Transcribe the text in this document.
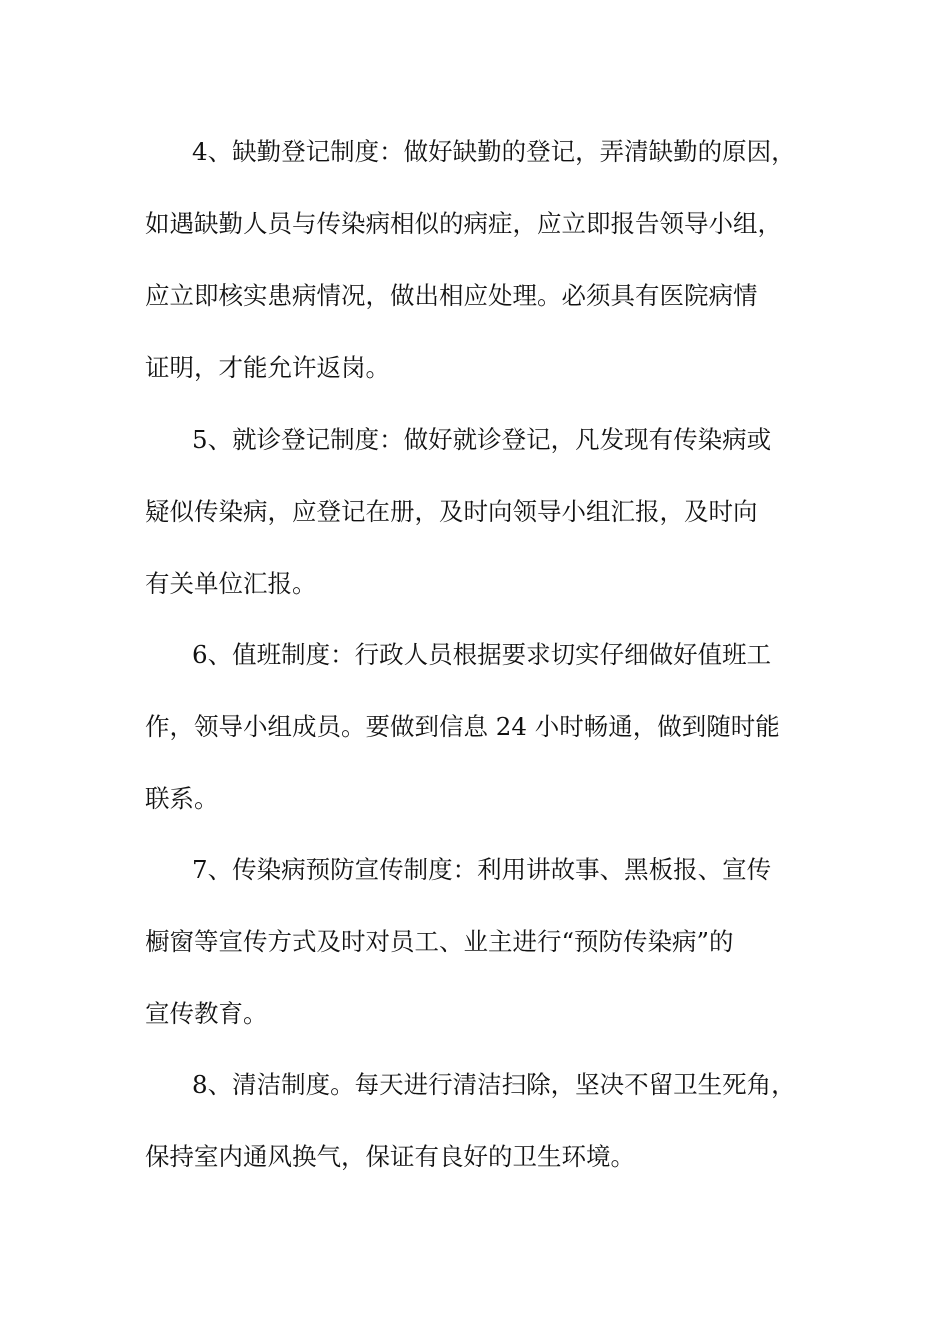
4、缺勤登记制度：做好缺勤的登记，弄清缺勤的原因，

如遇缺勤人员与传染病相似的病症，应立即报告领导小组，

应立即核实患病情况，做出相应处理。必须具有医院病情

证明，才能允许返岗。

5、就诊登记制度：做好就诊登记，凡发现有传染病或

疑似传染病，应登记在册，及时向领导小组汇报，及时向

有关单位汇报。

6、值班制度：行政人员根据要求切实仔细做好值班工

作，领导小组成员。要做到信息 24 小时畅通，做到随时能

联系。

7、传染病预防宣传制度：利用讲故事、黑板报、宣传

橱窗等宣传方式及时对员工、业主进行“预防传染病”的

宣传教育。

8、清洁制度。每天进行清洁扫除，坚决不留卫生死角，

保持室内通风换气，保证有良好的卫生环境。
